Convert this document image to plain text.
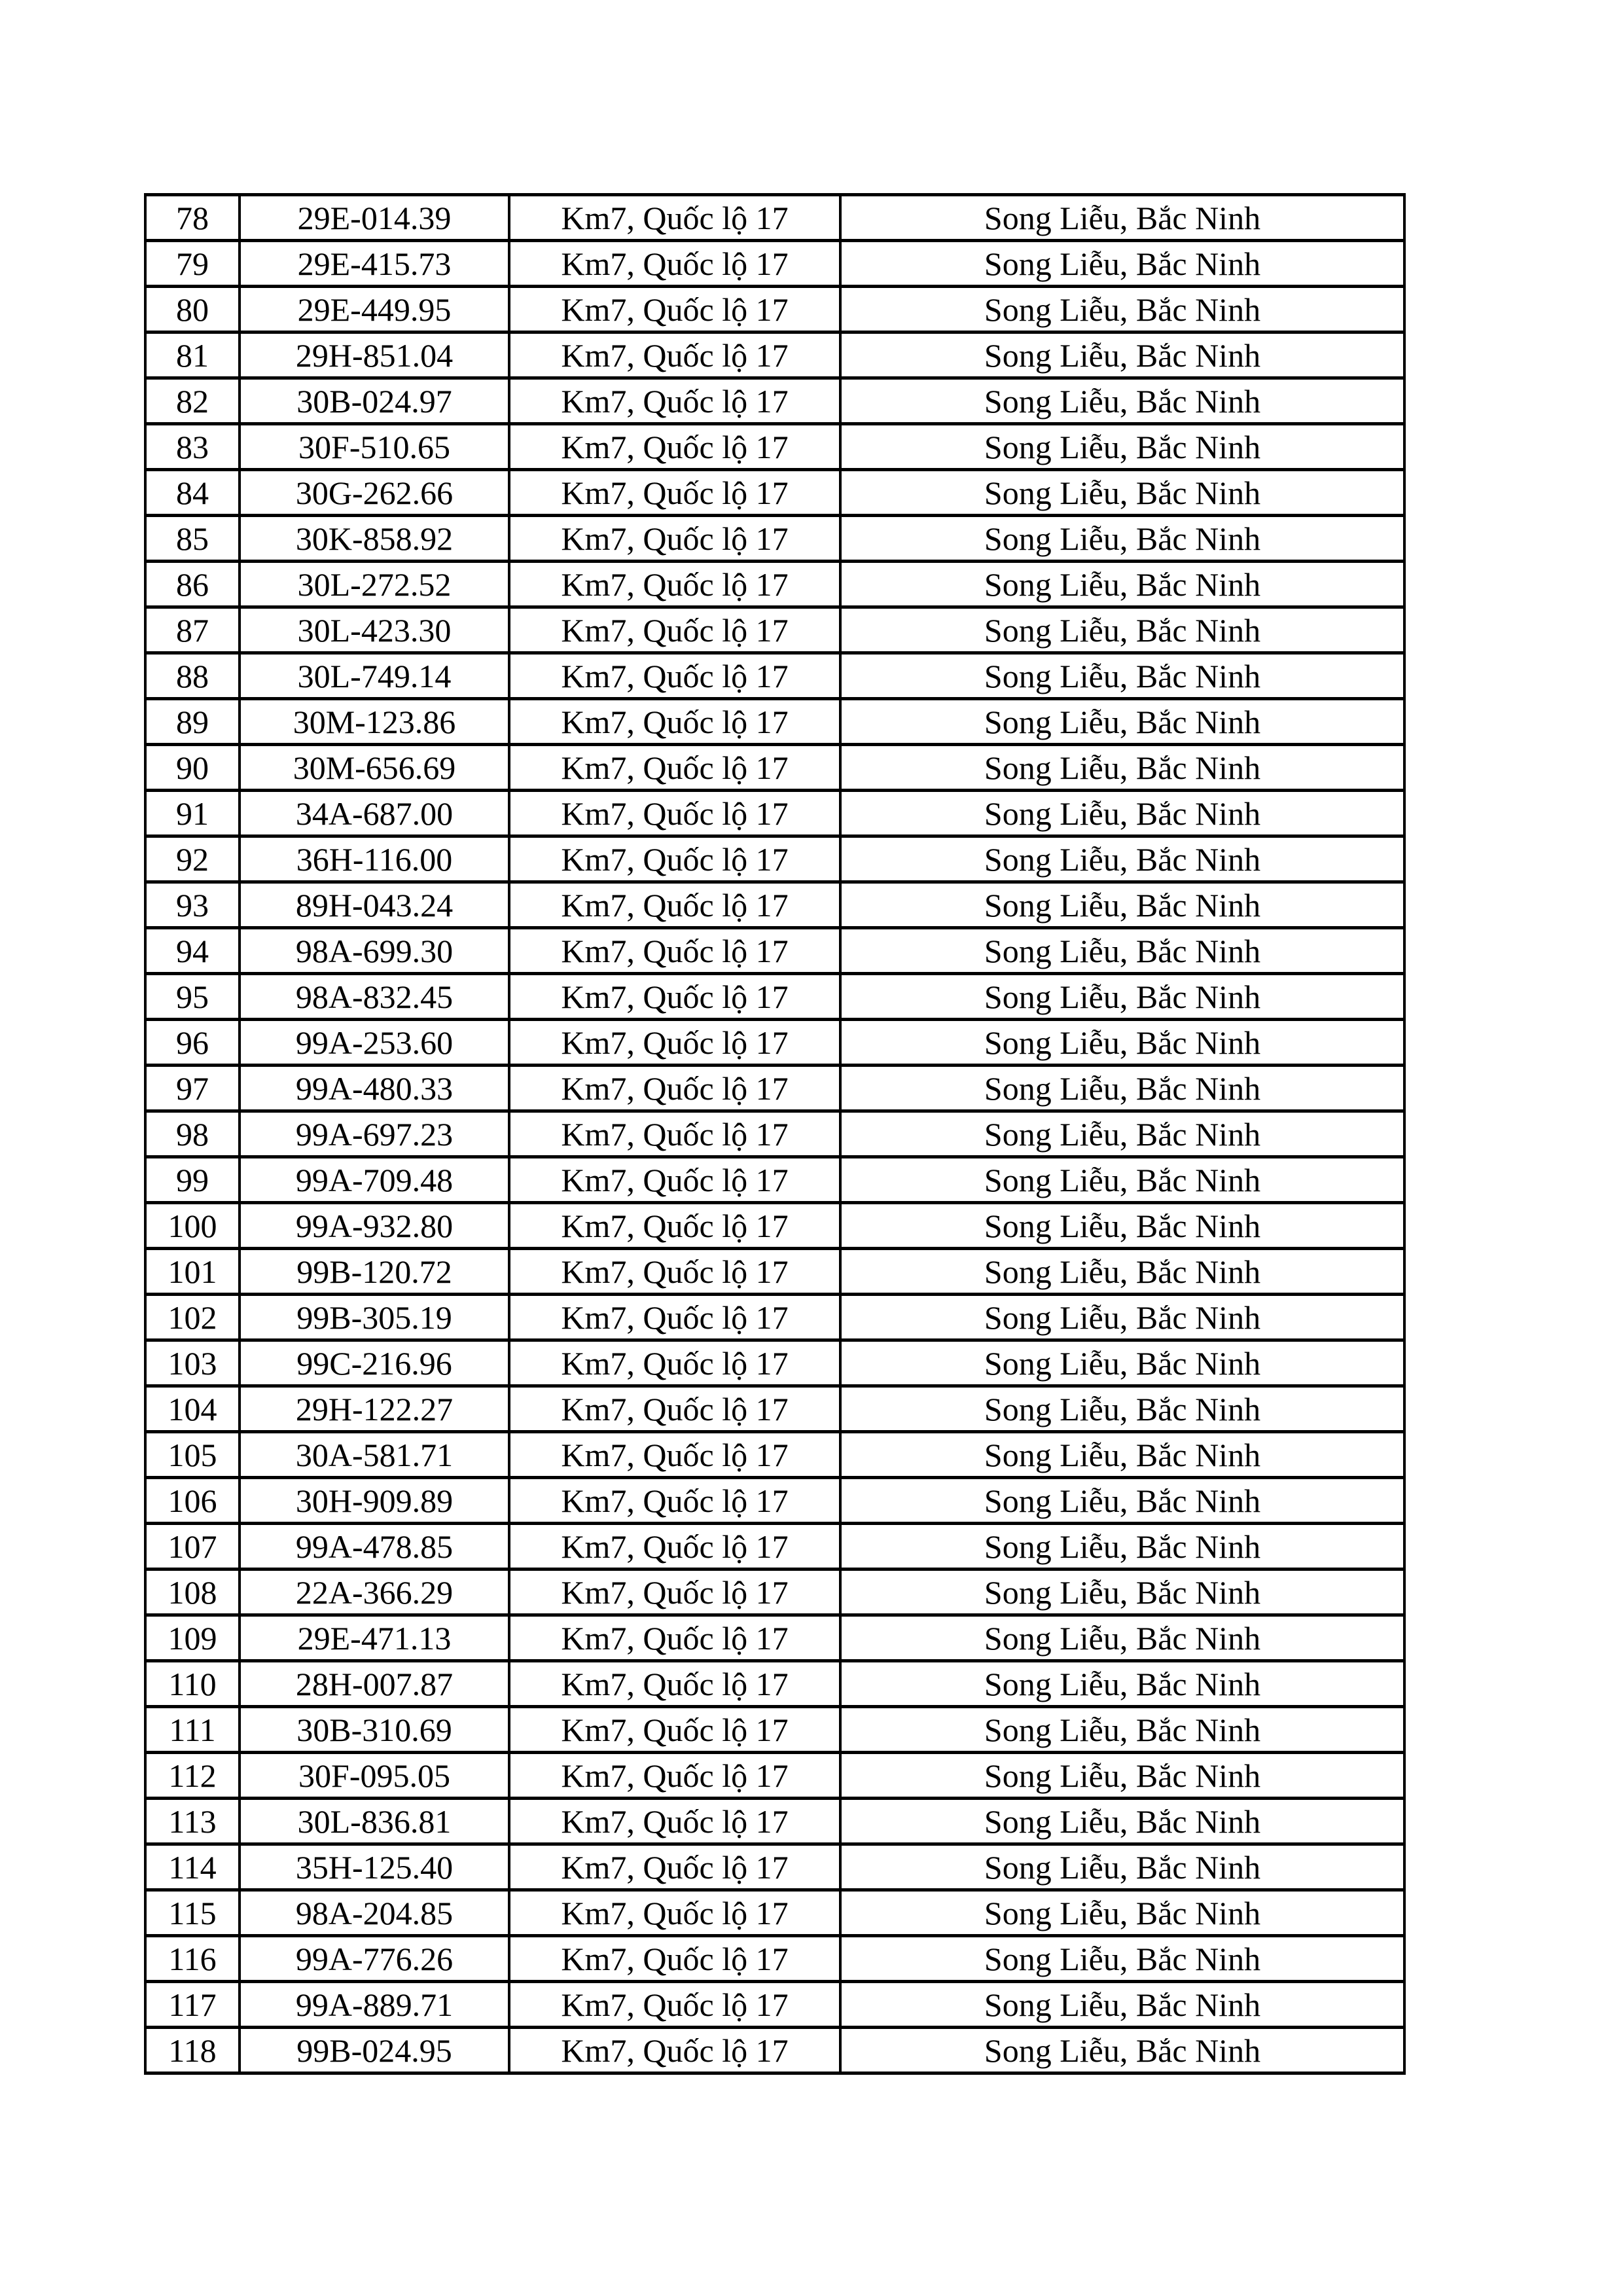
78	29E-014.39	Km7, Quốc lộ 17	Song Liễu, Bắc Ninh
79	29E-415.73	Km7, Quốc lộ 17	Song Liễu, Bắc Ninh
80	29E-449.95	Km7, Quốc lộ 17	Song Liễu, Bắc Ninh
81	29H-851.04	Km7, Quốc lộ 17	Song Liễu, Bắc Ninh
82	30B-024.97	Km7, Quốc lộ 17	Song Liễu, Bắc Ninh
83	30F-510.65	Km7, Quốc lộ 17	Song Liễu, Bắc Ninh
84	30G-262.66	Km7, Quốc lộ 17	Song Liễu, Bắc Ninh
85	30K-858.92	Km7, Quốc lộ 17	Song Liễu, Bắc Ninh
86	30L-272.52	Km7, Quốc lộ 17	Song Liễu, Bắc Ninh
87	30L-423.30	Km7, Quốc lộ 17	Song Liễu, Bắc Ninh
88	30L-749.14	Km7, Quốc lộ 17	Song Liễu, Bắc Ninh
89	30M-123.86	Km7, Quốc lộ 17	Song Liễu, Bắc Ninh
90	30M-656.69	Km7, Quốc lộ 17	Song Liễu, Bắc Ninh
91	34A-687.00	Km7, Quốc lộ 17	Song Liễu, Bắc Ninh
92	36H-116.00	Km7, Quốc lộ 17	Song Liễu, Bắc Ninh
93	89H-043.24	Km7, Quốc lộ 17	Song Liễu, Bắc Ninh
94	98A-699.30	Km7, Quốc lộ 17	Song Liễu, Bắc Ninh
95	98A-832.45	Km7, Quốc lộ 17	Song Liễu, Bắc Ninh
96	99A-253.60	Km7, Quốc lộ 17	Song Liễu, Bắc Ninh
97	99A-480.33	Km7, Quốc lộ 17	Song Liễu, Bắc Ninh
98	99A-697.23	Km7, Quốc lộ 17	Song Liễu, Bắc Ninh
99	99A-709.48	Km7, Quốc lộ 17	Song Liễu, Bắc Ninh
100	99A-932.80	Km7, Quốc lộ 17	Song Liễu, Bắc Ninh
101	99B-120.72	Km7, Quốc lộ 17	Song Liễu, Bắc Ninh
102	99B-305.19	Km7, Quốc lộ 17	Song Liễu, Bắc Ninh
103	99C-216.96	Km7, Quốc lộ 17	Song Liễu, Bắc Ninh
104	29H-122.27	Km7, Quốc lộ 17	Song Liễu, Bắc Ninh
105	30A-581.71	Km7, Quốc lộ 17	Song Liễu, Bắc Ninh
106	30H-909.89	Km7, Quốc lộ 17	Song Liễu, Bắc Ninh
107	99A-478.85	Km7, Quốc lộ 17	Song Liễu, Bắc Ninh
108	22A-366.29	Km7, Quốc lộ 17	Song Liễu, Bắc Ninh
109	29E-471.13	Km7, Quốc lộ 17	Song Liễu, Bắc Ninh
110	28H-007.87	Km7, Quốc lộ 17	Song Liễu, Bắc Ninh
111	30B-310.69	Km7, Quốc lộ 17	Song Liễu, Bắc Ninh
112	30F-095.05	Km7, Quốc lộ 17	Song Liễu, Bắc Ninh
113	30L-836.81	Km7, Quốc lộ 17	Song Liễu, Bắc Ninh
114	35H-125.40	Km7, Quốc lộ 17	Song Liễu, Bắc Ninh
115	98A-204.85	Km7, Quốc lộ 17	Song Liễu, Bắc Ninh
116	99A-776.26	Km7, Quốc lộ 17	Song Liễu, Bắc Ninh
117	99A-889.71	Km7, Quốc lộ 17	Song Liễu, Bắc Ninh
118	99B-024.95	Km7, Quốc lộ 17	Song Liễu, Bắc Ninh
